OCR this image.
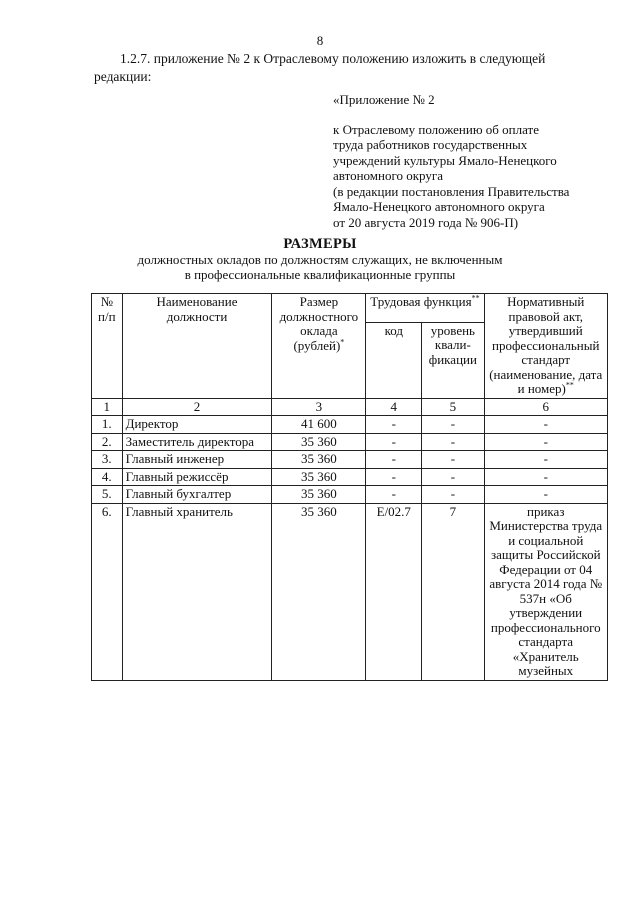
8
1.2.7. приложение № 2 к Отраслевому положению изложить в следующей
редакции:
«Приложение № 2
к Отраслевому положению об оплате
труда работников государственных
учреждений культуры Ямало-Ненецкого
автономного округа
(в редакции постановления Правительства
Ямало-Ненецкого автономного округа
от 20 августа 2019 года № 906-П)
РАЗМЕРЫ
должностных окладов по должностям служащих, не включенным
в профессиональные квалификационные группы
№ п/п	Наименование должности	Размер должностного оклада (рублей)*	Трудовая функция**		Нормативный правовой акт, утвердивший профессиональный стандарт (наименование, дата и номер)**
			код	уровень квали-фикации	
1	2	3	4	5	6
1.	Директор	41 600	-	-	-
2.	Заместитель директора	35 360	-	-	-
3.	Главный инженер	35 360	-	-	-
4.	Главный режиссёр	35 360	-	-	-
5.	Главный бухгалтер	35 360	-	-	-
6.	Главный хранитель	35 360	E/02.7	7	приказ Министерства труда и социальной защиты Российской Федерации от 04 августа 2014 года № 537н «Об утверждении профессионального стандарта «Хранитель музейных
